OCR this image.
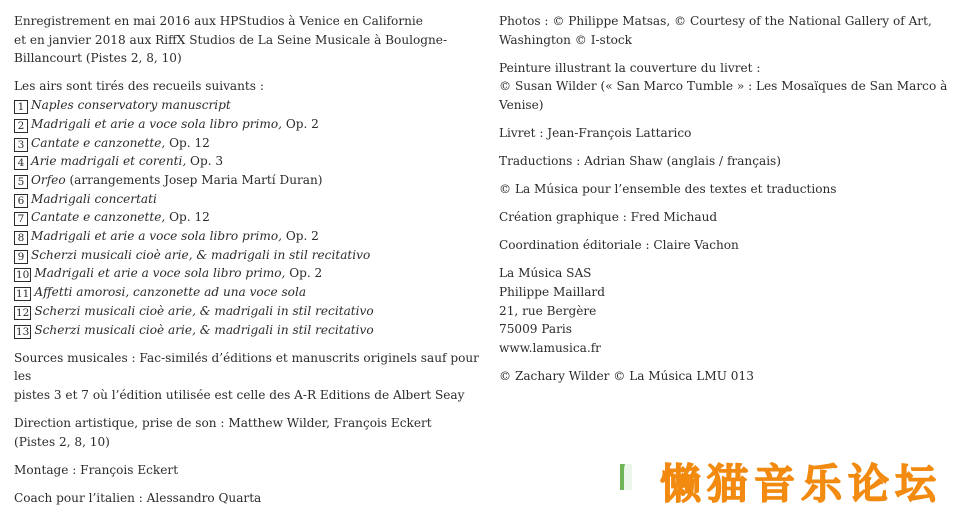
Enregistrement en mai 2016 aux HPStudios à Venice en Californie
et en janvier 2018 aux RiffX Studios de La Seine Musicale à Boulogne-
Billancourt (Pistes 2, 8, 10)

Les airs sont tirés des recueils suivants :

1 Naples conservatory manuscript
2 Madrigali et arie a voce sola libro primo, Op. 2
3 Cantate e canzonette, Op. 12
4 Arie madrigali et corenti, Op. 3
5 Orfeo (arrangements Josep Maria Martí Duran)
6 Madrigali concertati
7 Cantate e canzonette, Op. 12
8 Madrigali et arie a voce sola libro primo, Op. 2
9 Scherzi musicali cioè arie, & madrigali in stil recitativo
10 Madrigali et arie a voce sola libro primo, Op. 2
11 Affetti amorosi, canzonette ad una voce sola
12 Scherzi musicali cioè arie, & madrigali in stil recitativo
13 Scherzi musicali cioè arie, & madrigali in stil recitativo

Sources musicales : Fac-similés d’éditions et manuscrits originels sauf pour les
pistes 3 et 7 où l’édition utilisée est celle des A-R Editions de Albert Seay

Direction artistique, prise de son : Matthew Wilder, François Eckert
(Pistes 2, 8, 10)

Montage : François Eckert

Coach pour l’italien : Alessandro Quarta

Photos : © Philippe Matsas, © Courtesy of the National Gallery of Art,
Washington © I-stock

Peinture illustrant la couverture du livret :
© Susan Wilder (« San Marco Tumble » : Les Mosaïques de San Marco à Venise)

Livret : Jean-François Lattarico

Traductions : Adrian Shaw (anglais / français)

© La Música pour l’ensemble des textes et traductions

Création graphique : Fred Michaud

Coordination éditoriale : Claire Vachon

La Música SAS
Philippe Maillard
21, rue Bergère
75009 Paris
www.lamusica.fr

© Zachary Wilder © La Música LMU 013

懒猫音乐论坛
